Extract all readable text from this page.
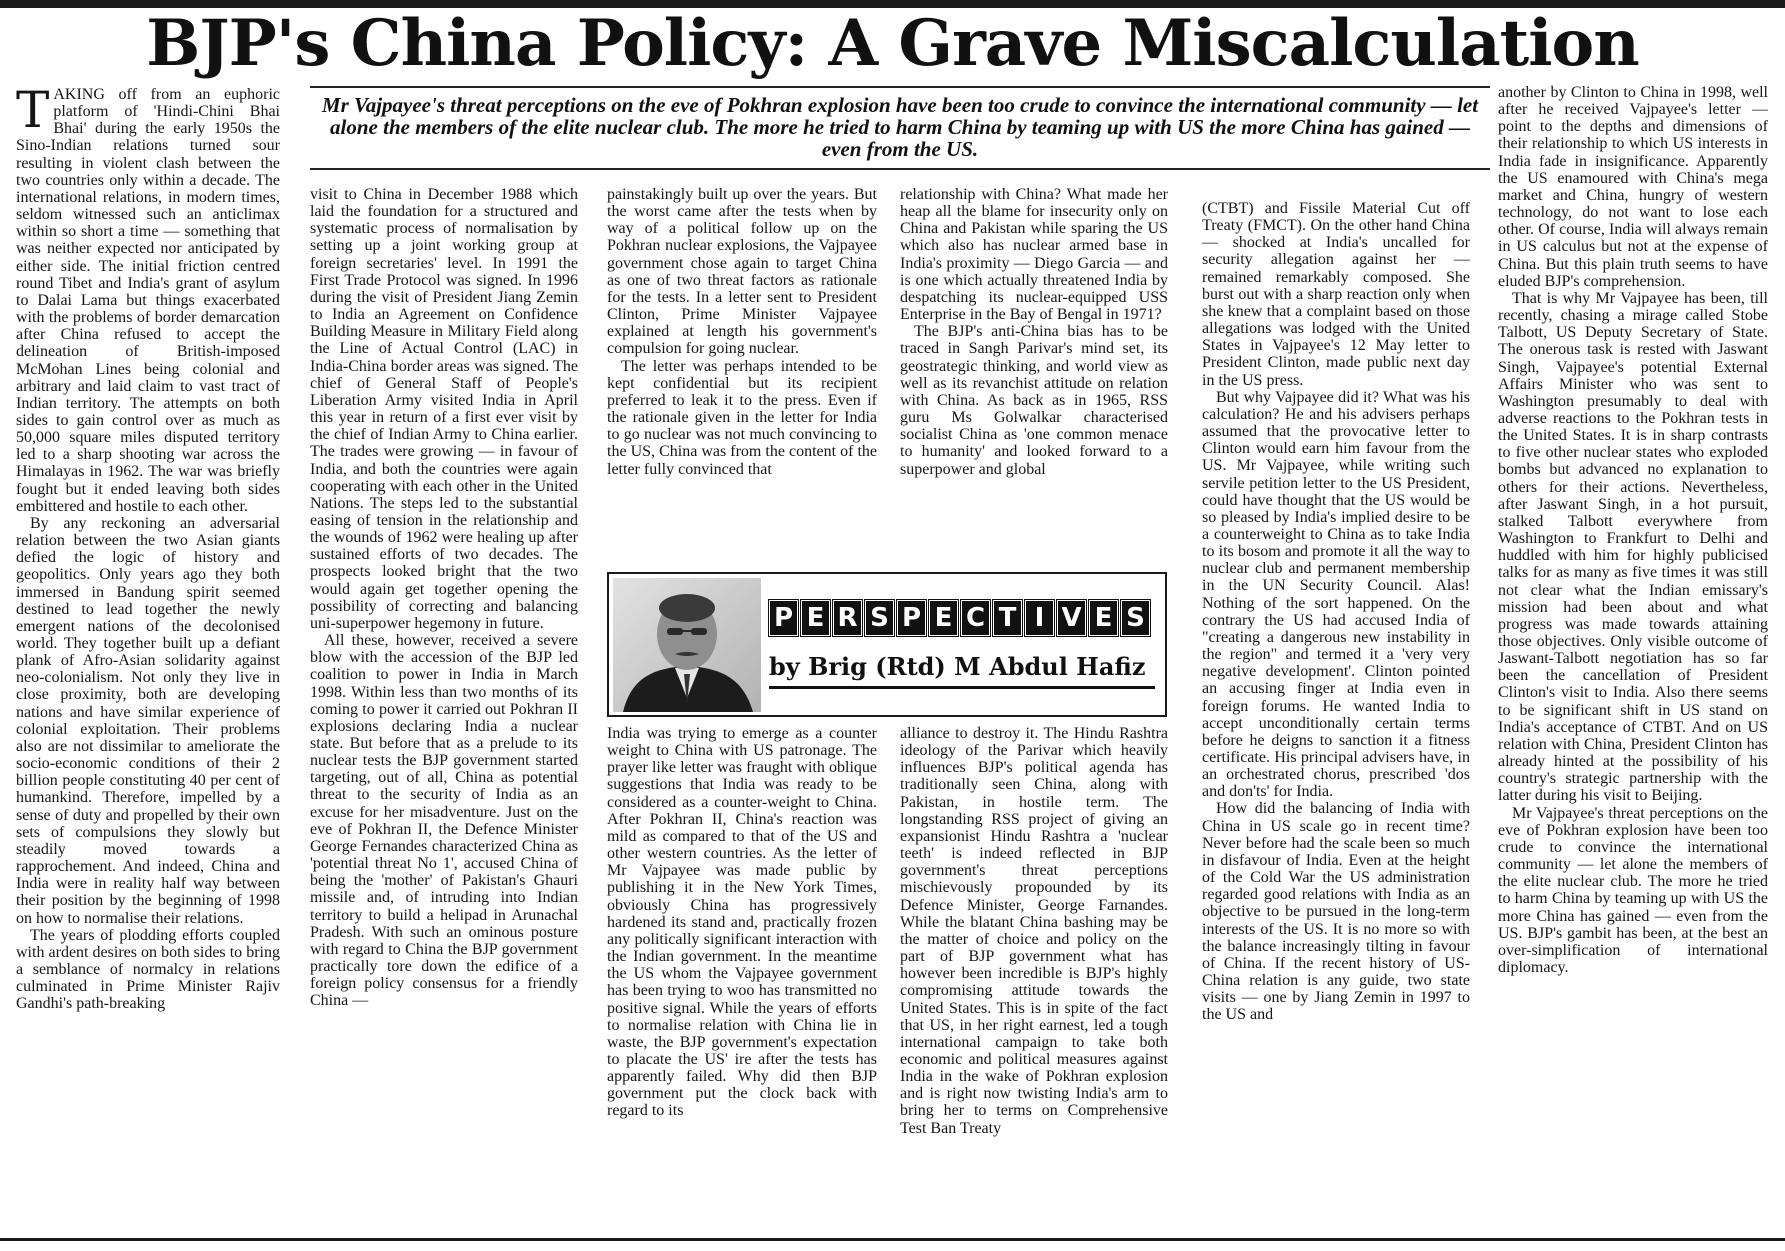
BJP's China Policy: A Grave Miscalculation

Mr Vajpayee's threat perceptions on the eve of Pokhran explosion have been too crude to convince the international community — let alone the members of the elite nuclear club. The more he tried to harm China by teaming up with US the more China has gained — even from the US.

TAKING off from an euphoric platform of 'Hindi-Chini Bhai Bhai' during the early 1950s the Sino-Indian relations turned sour resulting in violent clash between the two countries only within a decade. The international relations, in modern times, seldom witnessed such an anticlimax within so short a time — something that was neither expected nor anticipated by either side. The initial friction centred round Tibet and India's grant of asylum to Dalai Lama but things exacerbated with the problems of border demarcation after China refused to accept the delineation of British-imposed McMohan Lines being colonial and arbitrary and laid claim to vast tract of Indian territory. The attempts on both sides to gain control over as much as 50,000 square miles disputed territory led to a sharp shooting war across the Himalayas in 1962. The war was briefly fought but it ended leaving both sides embittered and hostile to each other.

By any reckoning an adversarial relation between the two Asian giants defied the logic of history and geopolitics. Only years ago they both immersed in Bandung spirit seemed destined to lead together the newly emergent nations of the decolonised world. They together built up a defiant plank of Afro-Asian solidarity against neo-colonialism. Not only they live in close proximity, both are developing nations and have similar experience of colonial exploitation. Their problems also are not dissimilar to ameliorate the socio-economic conditions of their 2 billion people constituting 40 per cent of humankind. Therefore, impelled by a sense of duty and propelled by their own sets of compulsions they slowly but steadily moved towards a rapprochement. And indeed, China and India were in reality half way between their position by the beginning of 1998 on how to normalise their relations.

The years of plodding efforts coupled with ardent desires on both sides to bring a semblance of normalcy in relations culminated in Prime Minister Rajiv Gandhi's path-breaking

visit to China in December 1988 which laid the foundation for a structured and systematic process of normalisation by setting up a joint working group at foreign secretaries' level. In 1991 the First Trade Protocol was signed. In 1996 during the visit of President Jiang Zemin to India an Agreement on Confidence Building Measure in Military Field along the Line of Actual Control (LAC) in India-China border areas was signed. The chief of General Staff of People's Liberation Army visited India in April this year in return of a first ever visit by the chief of Indian Army to China earlier. The trades were growing — in favour of India, and both the countries were again cooperating with each other in the United Nations. The steps led to the substantial easing of tension in the relationship and the wounds of 1962 were healing up after sustained efforts of two decades. The prospects looked bright that the two would again get together opening the possibility of correcting and balancing uni-superpower hegemony in future.

All these, however, received a severe blow with the accession of the BJP led coalition to power in India in March 1998. Within less than two months of its coming to power it carried out Pokhran II explosions declaring India a nuclear state. But before that as a prelude to its nuclear tests the BJP government started targeting, out of all, China as potential threat to the security of India as an excuse for her misadventure. Just on the eve of Pokhran II, the Defence Minister George Fernandes characterized China as 'potential threat No 1', accused China of being the 'mother' of Pakistan's Ghauri missile and, of intruding into Indian territory to build a helipad in Arunachal Pradesh. With such an ominous posture with regard to China the BJP government practically tore down the edifice of a foreign policy consensus for a friendly China —

painstakingly built up over the years. But the worst came after the tests when by way of a political follow up on the Pokhran nuclear explosions, the Vajpayee government chose again to target China as one of two threat factors as rationale for the tests. In a letter sent to President Clinton, Prime Minister Vajpayee explained at length his government's compulsion for going nuclear.

The letter was perhaps intended to be kept confidential but its recipient preferred to leak it to the press. Even if the rationale given in the letter for India to go nuclear was not much convincing to the US, China was from the content of the letter fully convinced that

relationship with China? What made her heap all the blame for insecurity only on China and Pakistan while sparing the US which also has nuclear armed base in India's proximity — Diego Garcia — and is one which actually threatened India by despatching its nuclear-equipped USS Enterprise in the Bay of Bengal in 1971?

The BJP's anti-China bias has to be traced in Sangh Parivar's mind set, its geostrategic thinking, and world view as well as its revanchist attitude on relation with China. As back as in 1965, RSS guru Ms Golwalkar characterised socialist China as 'one common menace to humanity' and looked forward to a superpower and global

P E R S P E C T I V E S
by Brig (Rtd) M Abdul Hafiz

India was trying to emerge as a counter weight to China with US patronage. The prayer like letter was fraught with oblique suggestions that India was ready to be considered as a counter-weight to China. After Pokhran II, China's reaction was mild as compared to that of the US and other western countries. As the letter of Mr Vajpayee was made public by publishing it in the New York Times, obviously China has progressively hardened its stand and, practically frozen any politically significant interaction with the Indian government. In the meantime the US whom the Vajpayee government has been trying to woo has transmitted no positive signal. While the years of efforts to normalise relation with China lie in waste, the BJP government's expectation to placate the US' ire after the tests has apparently failed. Why did then BJP government put the clock back with regard to its

alliance to destroy it. The Hindu Rashtra ideology of the Parivar which heavily influences BJP's political agenda has traditionally seen China, along with Pakistan, in hostile term. The longstanding RSS project of giving an expansionist Hindu Rashtra a 'nuclear teeth' is indeed reflected in BJP government's threat perceptions mischievously propounded by its Defence Minister, George Farnandes. While the blatant China bashing may be the matter of choice and policy on the part of BJP government what has however been incredible is BJP's highly compromising attitude towards the United States. This is in spite of the fact that US, in her right earnest, led a tough international campaign to take both economic and political measures against India in the wake of Pokhran explosion and is right now twisting India's arm to bring her to terms on Comprehensive Test Ban Treaty

(CTBT) and Fissile Material Cut off Treaty (FMCT). On the other hand China — shocked at India's uncalled for security allegation against her — remained remarkably composed. She burst out with a sharp reaction only when she knew that a complaint based on those allegations was lodged with the United States in Vajpayee's 12 May letter to President Clinton, made public next day in the US press.

But why Vajpayee did it? What was his calculation? He and his advisers perhaps assumed that the provocative letter to Clinton would earn him favour from the US. Mr Vajpayee, while writing such servile petition letter to the US President, could have thought that the US would be so pleased by India's implied desire to be a counterweight to China as to take India to its bosom and promote it all the way to nuclear club and permanent membership in the UN Security Council. Alas! Nothing of the sort happened. On the contrary the US had accused India of "creating a dangerous new instability in the region" and termed it a 'very very negative development'. Clinton pointed an accusing finger at India even in foreign forums. He wanted India to accept unconditionally certain terms before he deigns to sanction it a fitness certificate. His principal advisers have, in an orchestrated chorus, prescribed 'dos and don'ts' for India.

How did the balancing of India with China in US scale go in recent time? Never before had the scale been so much in disfavour of India. Even at the height of the Cold War the US administration regarded good relations with India as an objective to be pursued in the long-term interests of the US. It is no more so with the balance increasingly tilting in favour of China. If the recent history of US-China relation is any guide, two state visits — one by Jiang Zemin in 1997 to the US and

another by Clinton to China in 1998, well after he received Vajpayee's letter — point to the depths and dimensions of their relationship to which US interests in India fade in insignificance. Apparently the US enamoured with China's mega market and China, hungry of western technology, do not want to lose each other. Of course, India will always remain in US calculus but not at the expense of China. But this plain truth seems to have eluded BJP's comprehension.

That is why Mr Vajpayee has been, till recently, chasing a mirage called Stobe Talbott, US Deputy Secretary of State. The onerous task is rested with Jaswant Singh, Vajpayee's potential External Affairs Minister who was sent to Washington presumably to deal with adverse reactions to the Pokhran tests in the United States. It is in sharp contrasts to five other nuclear states who exploded bombs but advanced no explanation to others for their actions. Nevertheless, after Jaswant Singh, in a hot pursuit, stalked Talbott everywhere from Washington to Frankfurt to Delhi and huddled with him for highly publicised talks for as many as five times it was still not clear what the Indian emissary's mission had been about and what progress was made towards attaining those objectives. Only visible outcome of Jaswant-Talbott negotiation has so far been the cancellation of President Clinton's visit to India. Also there seems to be significant shift in US stand on India's acceptance of CTBT. And on US relation with China, President Clinton has already hinted at the possibility of his country's strategic partnership with the latter during his visit to Beijing.

Mr Vajpayee's threat perceptions on the eve of Pokhran explosion have been too crude to convince the international community — let alone the members of the elite nuclear club. The more he tried to harm China by teaming up with US the more China has gained — even from the US. BJP's gambit has been, at the best an over-simplification of international diplomacy.
